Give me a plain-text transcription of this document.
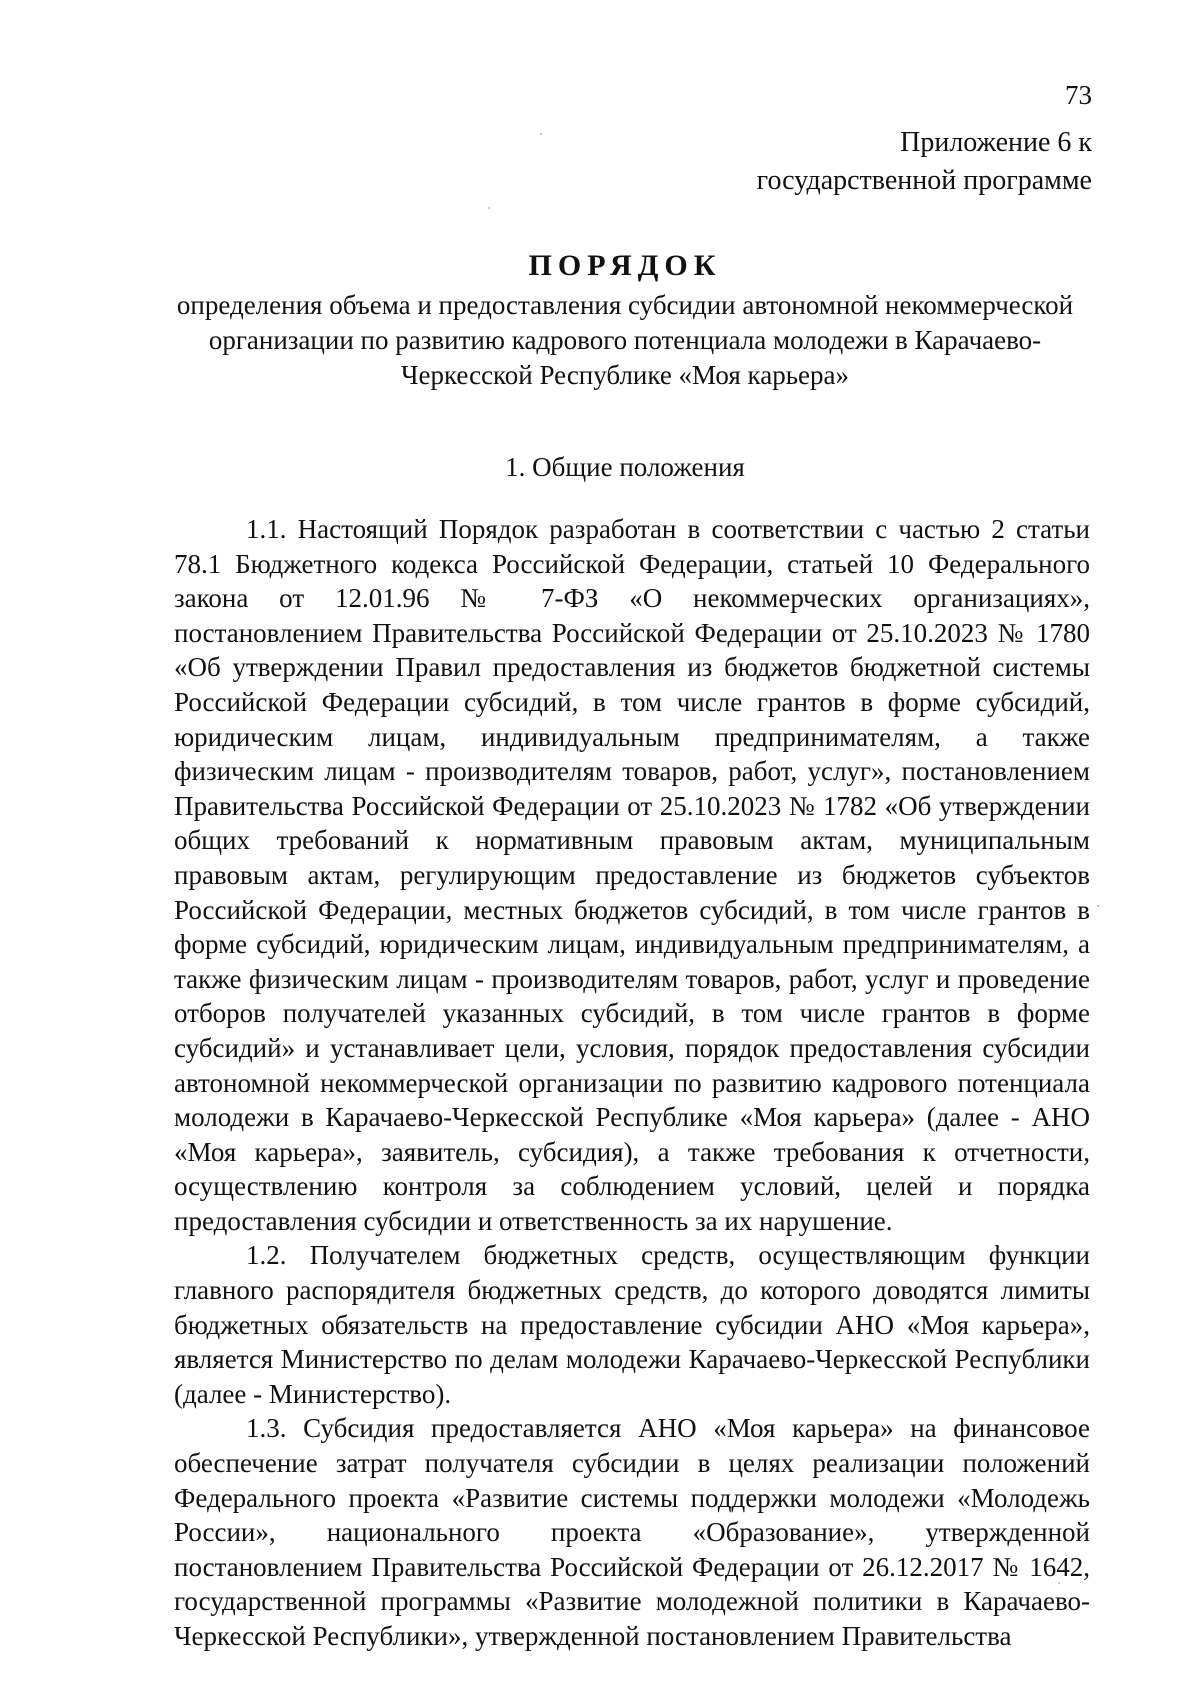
73
Приложение 6 к
государственной программе
ПОРЯДОК

определения объема и предоставления субсидии автономной некоммерческой организации по развитию кадрового потенциала молодежи в Карачаево-Черкесской Республике «Моя карьера»

1. Общие положения

1.1. Настоящий Порядок разработан в соответствии с частью 2 статьи 78.1 Бюджетного кодекса Российской Федерации, статьей 10 Федерального закона от 12.01.96 № 7-ФЗ «О некоммерческих организациях», постановлением Правительства Российской Федерации от 25.10.2023 № 1780 «Об утверждении Правил предоставления из бюджетов бюджетной системы Российской Федерации субсидий, в том числе грантов в форме субсидий, юридическим лицам, индивидуальным предпринимателям, а также физическим лицам - производителям товаров, работ, услуг», постановлением Правительства Российской Федерации от 25.10.2023 № 1782 «Об утверждении общих требований к нормативным правовым актам, муниципальным правовым актам, регулирующим предоставление из бюджетов субъектов Российской Федерации, местных бюджетов субсидий, в том числе грантов в форме субсидий, юридическим лицам, индивидуальным предпринимателям, а также физическим лицам - производителям товаров, работ, услуг и проведение отборов получателей указанных субсидий, в том числе грантов в форме субсидий» и устанавливает цели, условия, порядок предоставления субсидии автономной некоммерческой организации по развитию кадрового потенциала молодежи в Карачаево-Черкесской Республике «Моя карьера» (далее - АНО «Моя карьера», заявитель, субсидия), а также требования к отчетности, осуществлению контроля за соблюдением условий, целей и порядка предоставления субсидии и ответственность за их нарушение.

1.2. Получателем бюджетных средств, осуществляющим функции главного распорядителя бюджетных средств, до которого доводятся лимиты бюджетных обязательств на предоставление субсидии АНО «Моя карьера», является Министерство по делам молодежи Карачаево-Черкесской Республики (далее - Министерство).

1.3. Субсидия предоставляется АНО «Моя карьера» на финансовое обеспечение затрат получателя субсидии в целях реализации положений Федерального проекта «Развитие системы поддержки молодежи «Молодежь России», национального проекта «Образование», утвержденной постановлением Правительства Российской Федерации от 26.12.2017 № 1642, государственной программы «Развитие молодежной политики в Карачаево-Черкесской Республики», утвержденной постановлением Правительства
